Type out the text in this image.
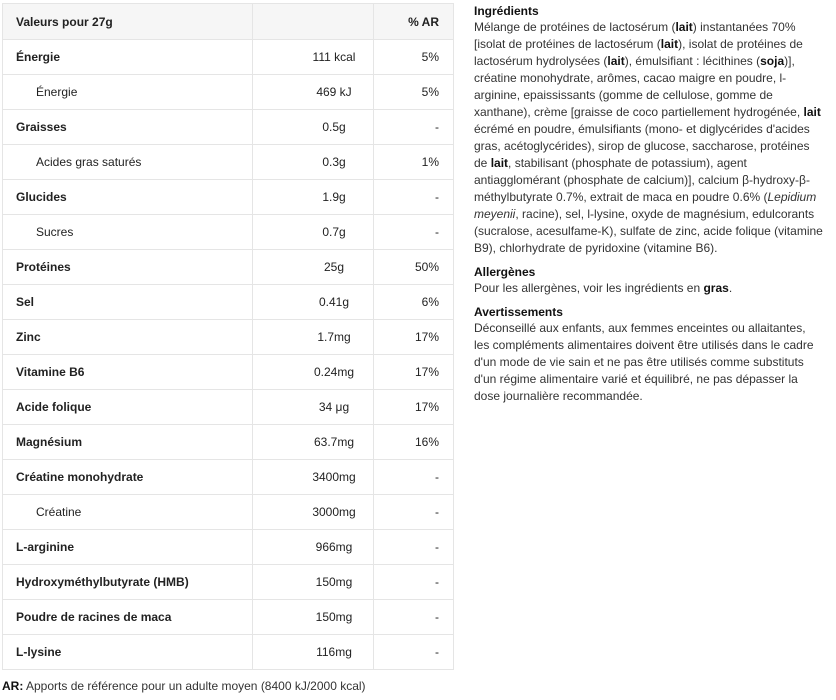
Valeurs pour 27g		% AR
Énergie	111 kcal	5%
Énergie	469 kJ	5%
Graisses	0.5g	-
Acides gras saturés	0.3g	1%
Glucides	1.9g	-
Sucres	0.7g	-
Protéines	25g	50%
Sel	0.41g	6%
Zinc	1.7mg	17%
Vitamine B6	0.24mg	17%
Acide folique	34 μg	17%
Magnésium	63.7mg	16%
Créatine monohydrate	3400mg	-
Créatine	3000mg	-
L-arginine	966mg	-
Hydroxyméthylbutyrate (HMB)	150mg	-
Poudre de racines de maca	150mg	-
L-lysine	116mg	-
AR: Apports de référence pour un adulte moyen (8400 kJ/2000 kcal)
Ingrédients

Mélange de protéines de lactosérum (lait) instantanées 70% [isolat de protéines de lactosérum (lait), isolat de protéines de lactosérum hydrolysées (lait), émulsifiant : lécithines (soja)], créatine monohydrate, arômes, cacao maigre en poudre, l-arginine, epaississants (gomme de cellulose, gomme de xanthane), crème [graisse de coco partiellement hydrogénée, lait écrémé en poudre, émulsifiants (mono- et diglycérides d'acides gras, acétoglycérides), sirop de glucose, saccharose, protéines de lait, stabilisant (phosphate de potassium), agent antiagglomérant (phosphate de calcium)], calcium β-hydroxy-β-méthylbutyrate 0.7%, extrait de maca en poudre 0.6% (Lepidium meyenii, racine), sel, l-lysine, oxyde de magnésium, edulcorants (sucralose, acesulfame-K), sulfate de zinc, acide folique (vitamine B9), chlorhydrate de pyridoxine (vitamine B6).

Allergènes

Pour les allergènes, voir les ingrédients en gras.

Avertissements

Déconseillé aux enfants, aux femmes enceintes ou allaitantes, les compléments alimentaires doivent être utilisés dans le cadre d'un mode de vie sain et ne pas être utilisés comme substituts d'un régime alimentaire varié et équilibré, ne pas dépasser la dose journalière recommandée.
